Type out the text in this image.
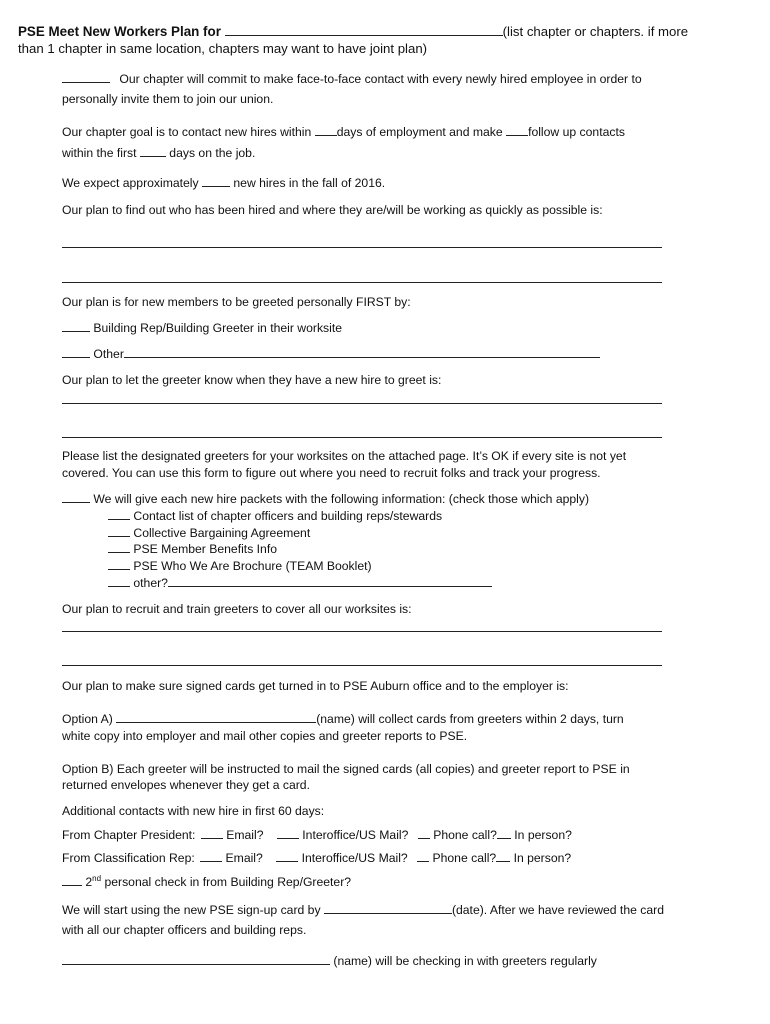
PSE Meet New Workers Plan for	(list chapter or chapters. if more
than 1 chapter in same location, chapters may want to have joint plan)
Our chapter will commit to make face-to-face contact with every newly hired employee in order to
personally invite them to join our union.
Our chapter goal is to contact new hires within days of employment and make follow up contacts
within the first	days on the job.
We expect approximately	new hires in the fall of 2016.
Our plan to find out who has been hired and where they are/will be working as quickly as possible is:
Our plan is for new members to be greeted personally FIRST by:
Building Rep/Building Greeter in their worksite
Other
Our plan to let the greeter know when they have a new hire to greet is:
Please list the designated greeters for your worksites on the attached page. It’s OK if every site is not yet
covered. You can use this form to figure out where you need to recruit folks and track your progress.
We will give each new hire packets with the following information: (check those which apply)
Contact list of chapter officers and building reps/stewards
Collective Bargaining Agreement
PSE Member Benefits Info
PSE Who We Are Brochure (TEAM Booklet)
other?
Our plan to recruit and train greeters to cover all our worksites is:
Our plan to make sure signed cards get turned in to PSE Auburn office and to the employer is:
Option A)	(name) will collect cards from greeters within 2 days, turn
white copy into employer and mail other copies and greeter reports to PSE.
Option B) Each greeter will be instructed to mail the signed cards (all copies) and greeter report to PSE in
returned envelopes whenever they get a card.
Additional contacts with new hire in first 60 days:
From Chapter President:	Email?	Interoffice/US Mail? Phone call? In person?
From Classification Rep:	Email?	Interoffice/US Mail? Phone call? In person?
2nd personal check in from Building Rep/Greeter?
We will start using the new PSE sign-up card by	(date). After we have reviewed the card
with all our chapter officers and building reps.
(name) will be checking in with greeters regularly
